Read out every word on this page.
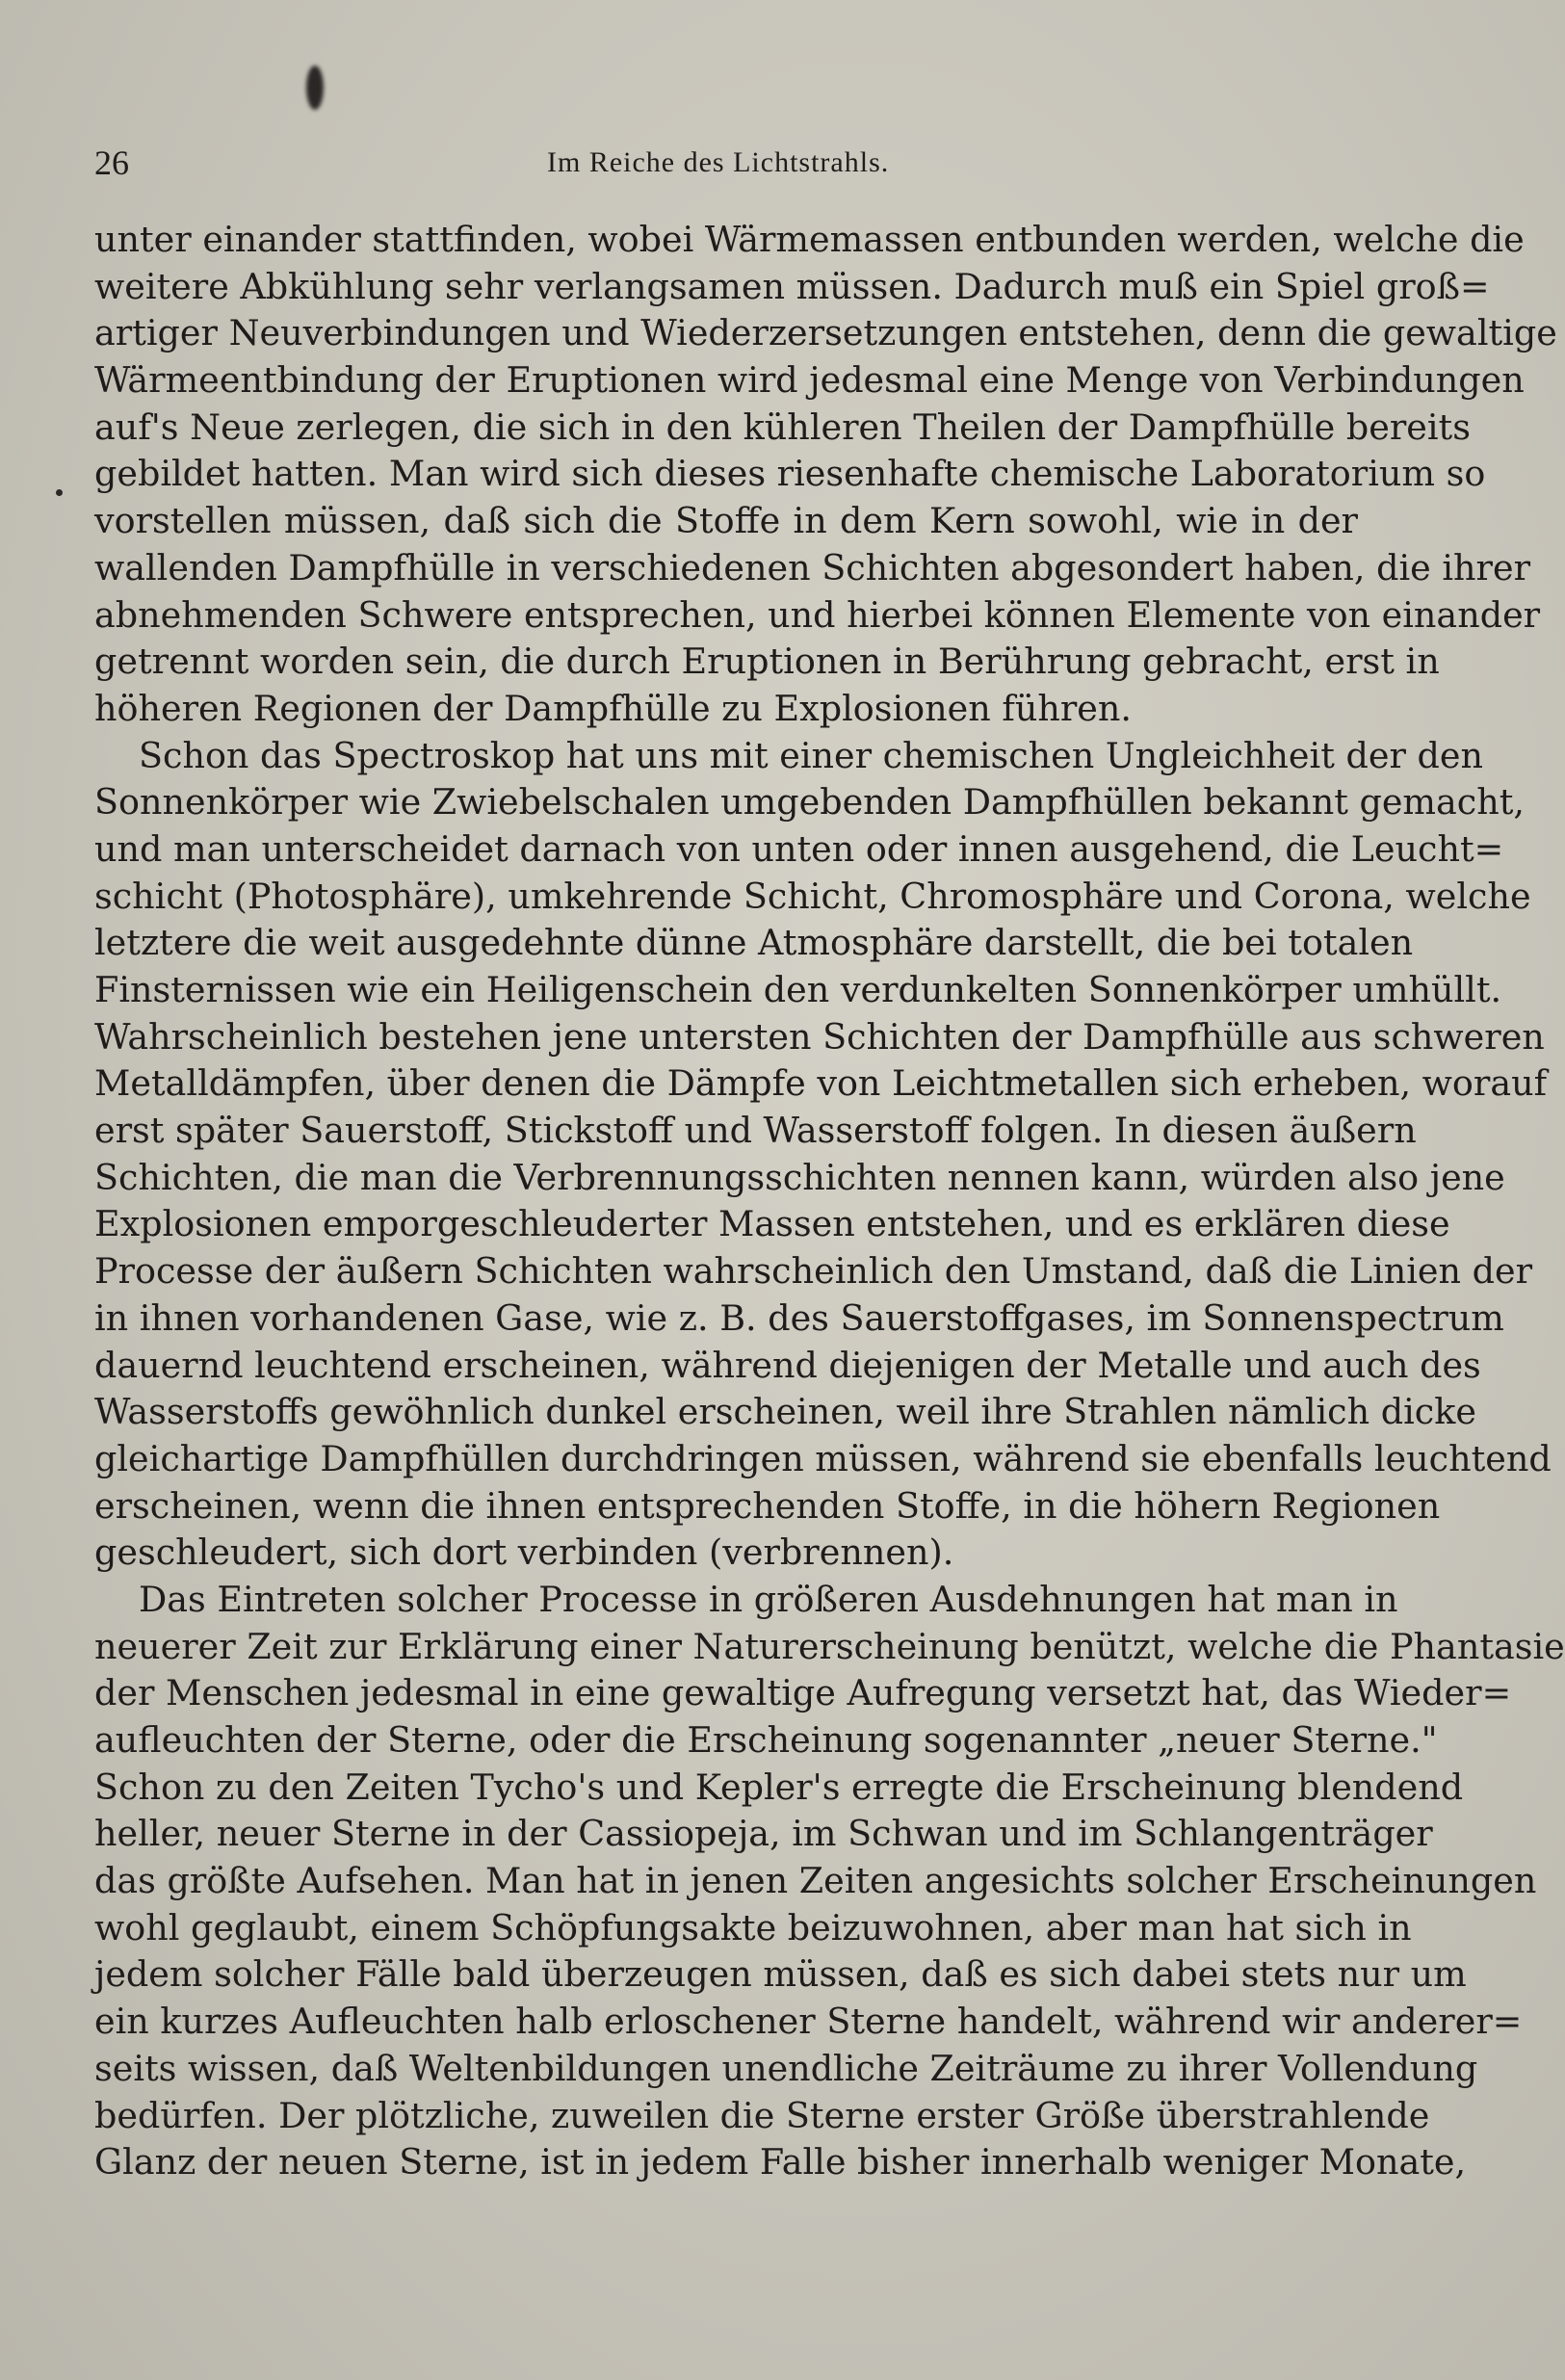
26	Im Reiche des Lichtstrahls.
unter einander stattfinden, wobei Wärmemassen entbunden werden, welche die
weitere Abkühlung sehr verlangsamen müssen. Dadurch muß ein Spiel groß=
artiger Neuverbindungen und Wiederzersetzungen entstehen, denn die gewaltige
Wärmeentbindung der Eruptionen wird jedesmal eine Menge von Verbindungen
auf's Neue zerlegen, die sich in den kühleren Theilen der Dampfhülle bereits
gebildet hatten. Man wird sich dieses riesenhafte chemische Laboratorium so
vorstellen müssen, daß sich die Stoffe in dem Kern sowohl, wie in der
wallenden Dampfhülle in verschiedenen Schichten abgesondert haben, die ihrer
abnehmenden Schwere entsprechen, und hierbei können Elemente von einander
getrennt worden sein, die durch Eruptionen in Berührung gebracht, erst in
höheren Regionen der Dampfhülle zu Explosionen führen.
Schon das Spectroskop hat uns mit einer chemischen Ungleichheit der den
Sonnenkörper wie Zwiebelschalen umgebenden Dampfhüllen bekannt gemacht,
und man unterscheidet darnach von unten oder innen ausgehend, die Leucht=
schicht (Photosphäre), umkehrende Schicht, Chromosphäre und Corona, welche
letztere die weit ausgedehnte dünne Atmosphäre darstellt, die bei totalen
Finsternissen wie ein Heiligenschein den verdunkelten Sonnenkörper umhüllt.
Wahrscheinlich bestehen jene untersten Schichten der Dampfhülle aus schweren
Metalldämpfen, über denen die Dämpfe von Leichtmetallen sich erheben, worauf
erst später Sauerstoff, Stickstoff und Wasserstoff folgen. In diesen äußern
Schichten, die man die Verbrennungsschichten nennen kann, würden also jene
Explosionen emporgeschleuderter Massen entstehen, und es erklären diese
Processe der äußern Schichten wahrscheinlich den Umstand, daß die Linien der
in ihnen vorhandenen Gase, wie z. B. des Sauerstoffgases, im Sonnenspectrum
dauernd leuchtend erscheinen, während diejenigen der Metalle und auch des
Wasserstoffs gewöhnlich dunkel erscheinen, weil ihre Strahlen nämlich dicke
gleichartige Dampfhüllen durchdringen müssen, während sie ebenfalls leuchtend
erscheinen, wenn die ihnen entsprechenden Stoffe, in die höhern Regionen
geschleudert, sich dort verbinden (verbrennen).
Das Eintreten solcher Processe in größeren Ausdehnungen hat man in
neuerer Zeit zur Erklärung einer Naturerscheinung benützt, welche die Phantasie
der Menschen jedesmal in eine gewaltige Aufregung versetzt hat, das Wieder=
aufleuchten der Sterne, oder die Erscheinung sogenannter „neuer Sterne."
Schon zu den Zeiten Tycho's und Kepler's erregte die Erscheinung blendend
heller, neuer Sterne in der Cassiopeja, im Schwan und im Schlangenträger
das größte Aufsehen. Man hat in jenen Zeiten angesichts solcher Erscheinungen
wohl geglaubt, einem Schöpfungsakte beizuwohnen, aber man hat sich in
jedem solcher Fälle bald überzeugen müssen, daß es sich dabei stets nur um
ein kurzes Aufleuchten halb erloschener Sterne handelt, während wir anderer=
seits wissen, daß Weltenbildungen unendliche Zeiträume zu ihrer Vollendung
bedürfen. Der plötzliche, zuweilen die Sterne erster Größe überstrahlende
Glanz der neuen Sterne, ist in jedem Falle bisher innerhalb weniger Monate,
